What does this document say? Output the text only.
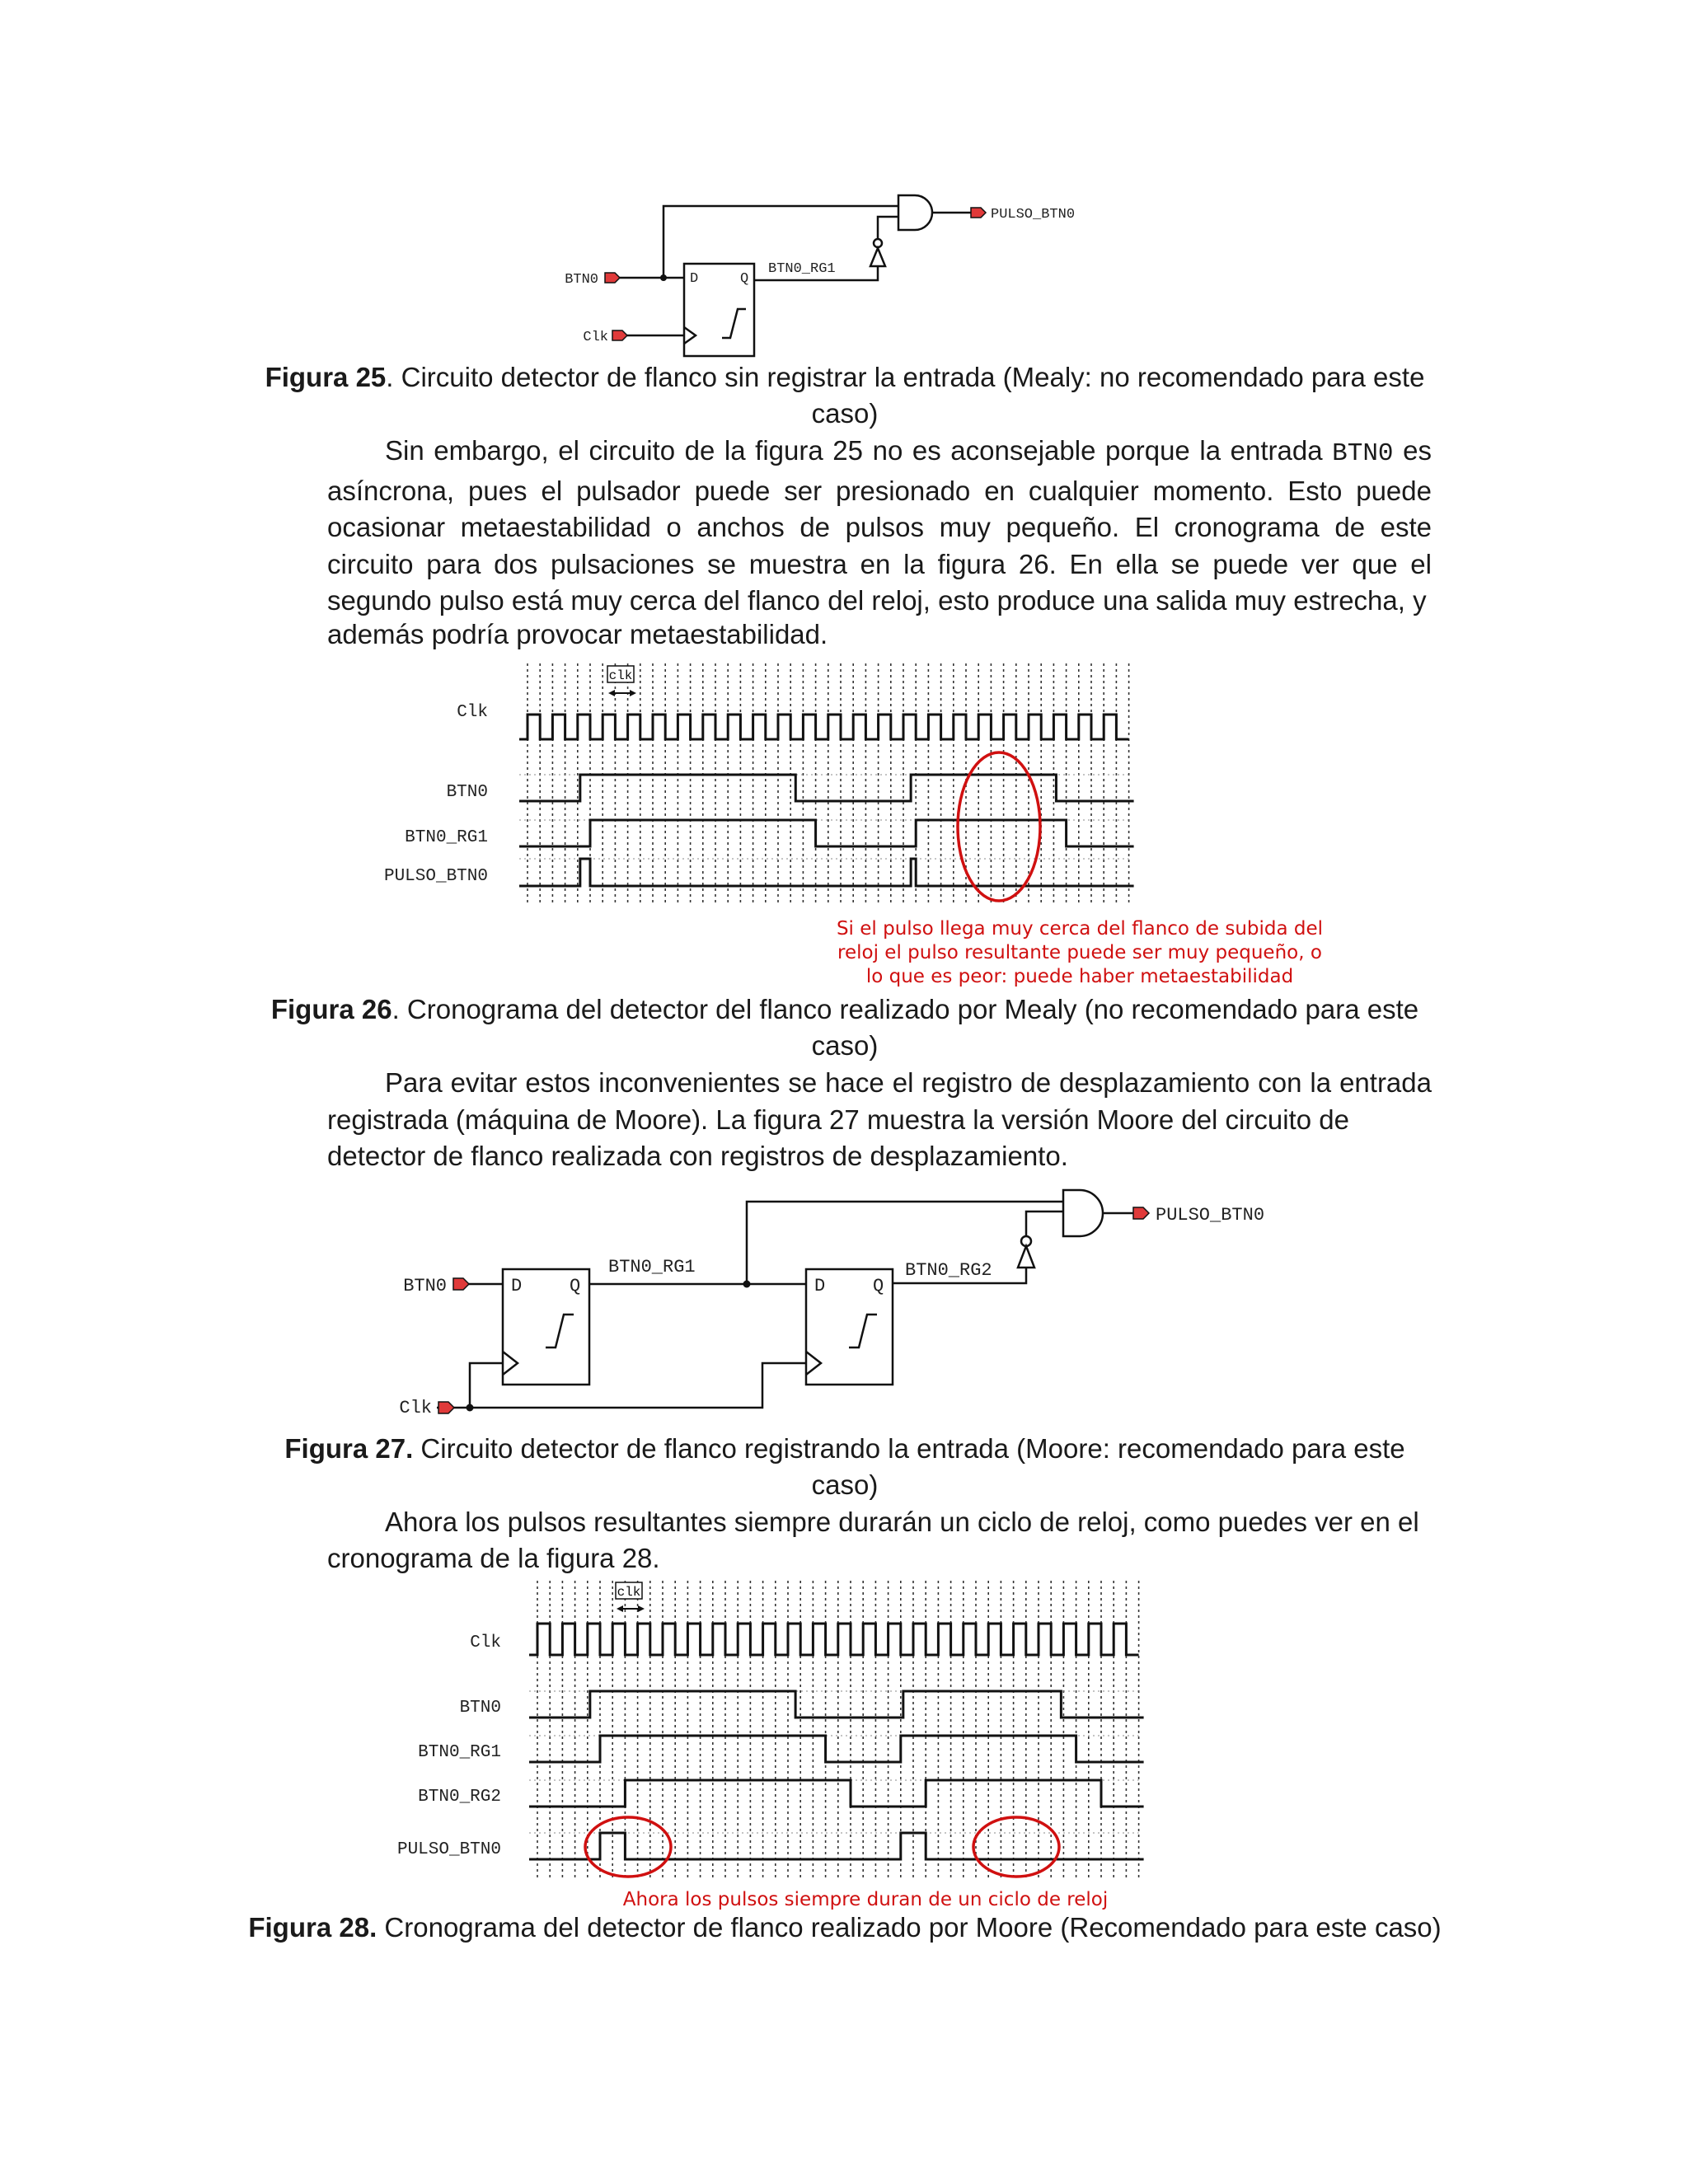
BTN0
Clk
D	Q
BTN0_RG1
PULSO_BTN0
Figura 25. Circuito detector de flanco sin registrar la entrada (Mealy: no recomendado para este
caso)
Sin embargo, el circuito de la figura 25 no es aconsejable porque la entrada BTN0 es asíncrona, pues el pulsador puede ser presionado en cualquier momento. Esto puede ocasionar metaestabilidad o anchos de pulsos muy pequeño. El cronograma de este circuito para dos pulsaciones se muestra en la figura 26. En ella se puede ver que el segundo pulso está muy cerca del flanco del reloj, esto produce una salida muy estrecha, y
además podría provocar metaestabilidad.
Clk
BTN0
BTN0_RG1
PULSO_BTN0
clk
Si el pulso llega muy cerca del flanco de subida del
reloj el pulso resultante puede ser muy pequeño, o
lo que es peor: puede haber metaestabilidad
Figura 26. Cronograma del detector del flanco realizado por Mealy (no recomendado para este
caso)
Para evitar estos inconvenientes se hace el registro de desplazamiento con la entrada registrada (máquina de Moore). La figura 27 muestra la versión Moore del circuito de
detector de flanco realizada con registros de desplazamiento.
BTN0
Clk
D	Q	D	Q
BTN0_RG1	BTN0_RG2
PULSO_BTN0
Figura 27. Circuito detector de flanco registrando la entrada (Moore: recomendado para este
caso)
Ahora los pulsos resultantes siempre durarán un ciclo de reloj, como puedes ver en el
cronograma de la figura 28.
Clk
BTN0
BTN0_RG1
BTN0_RG2
PULSO_BTN0
clk
Ahora los pulsos siempre duran de un ciclo de reloj
Figura 28. Cronograma del detector de flanco realizado por Moore (Recomendado para este caso)
